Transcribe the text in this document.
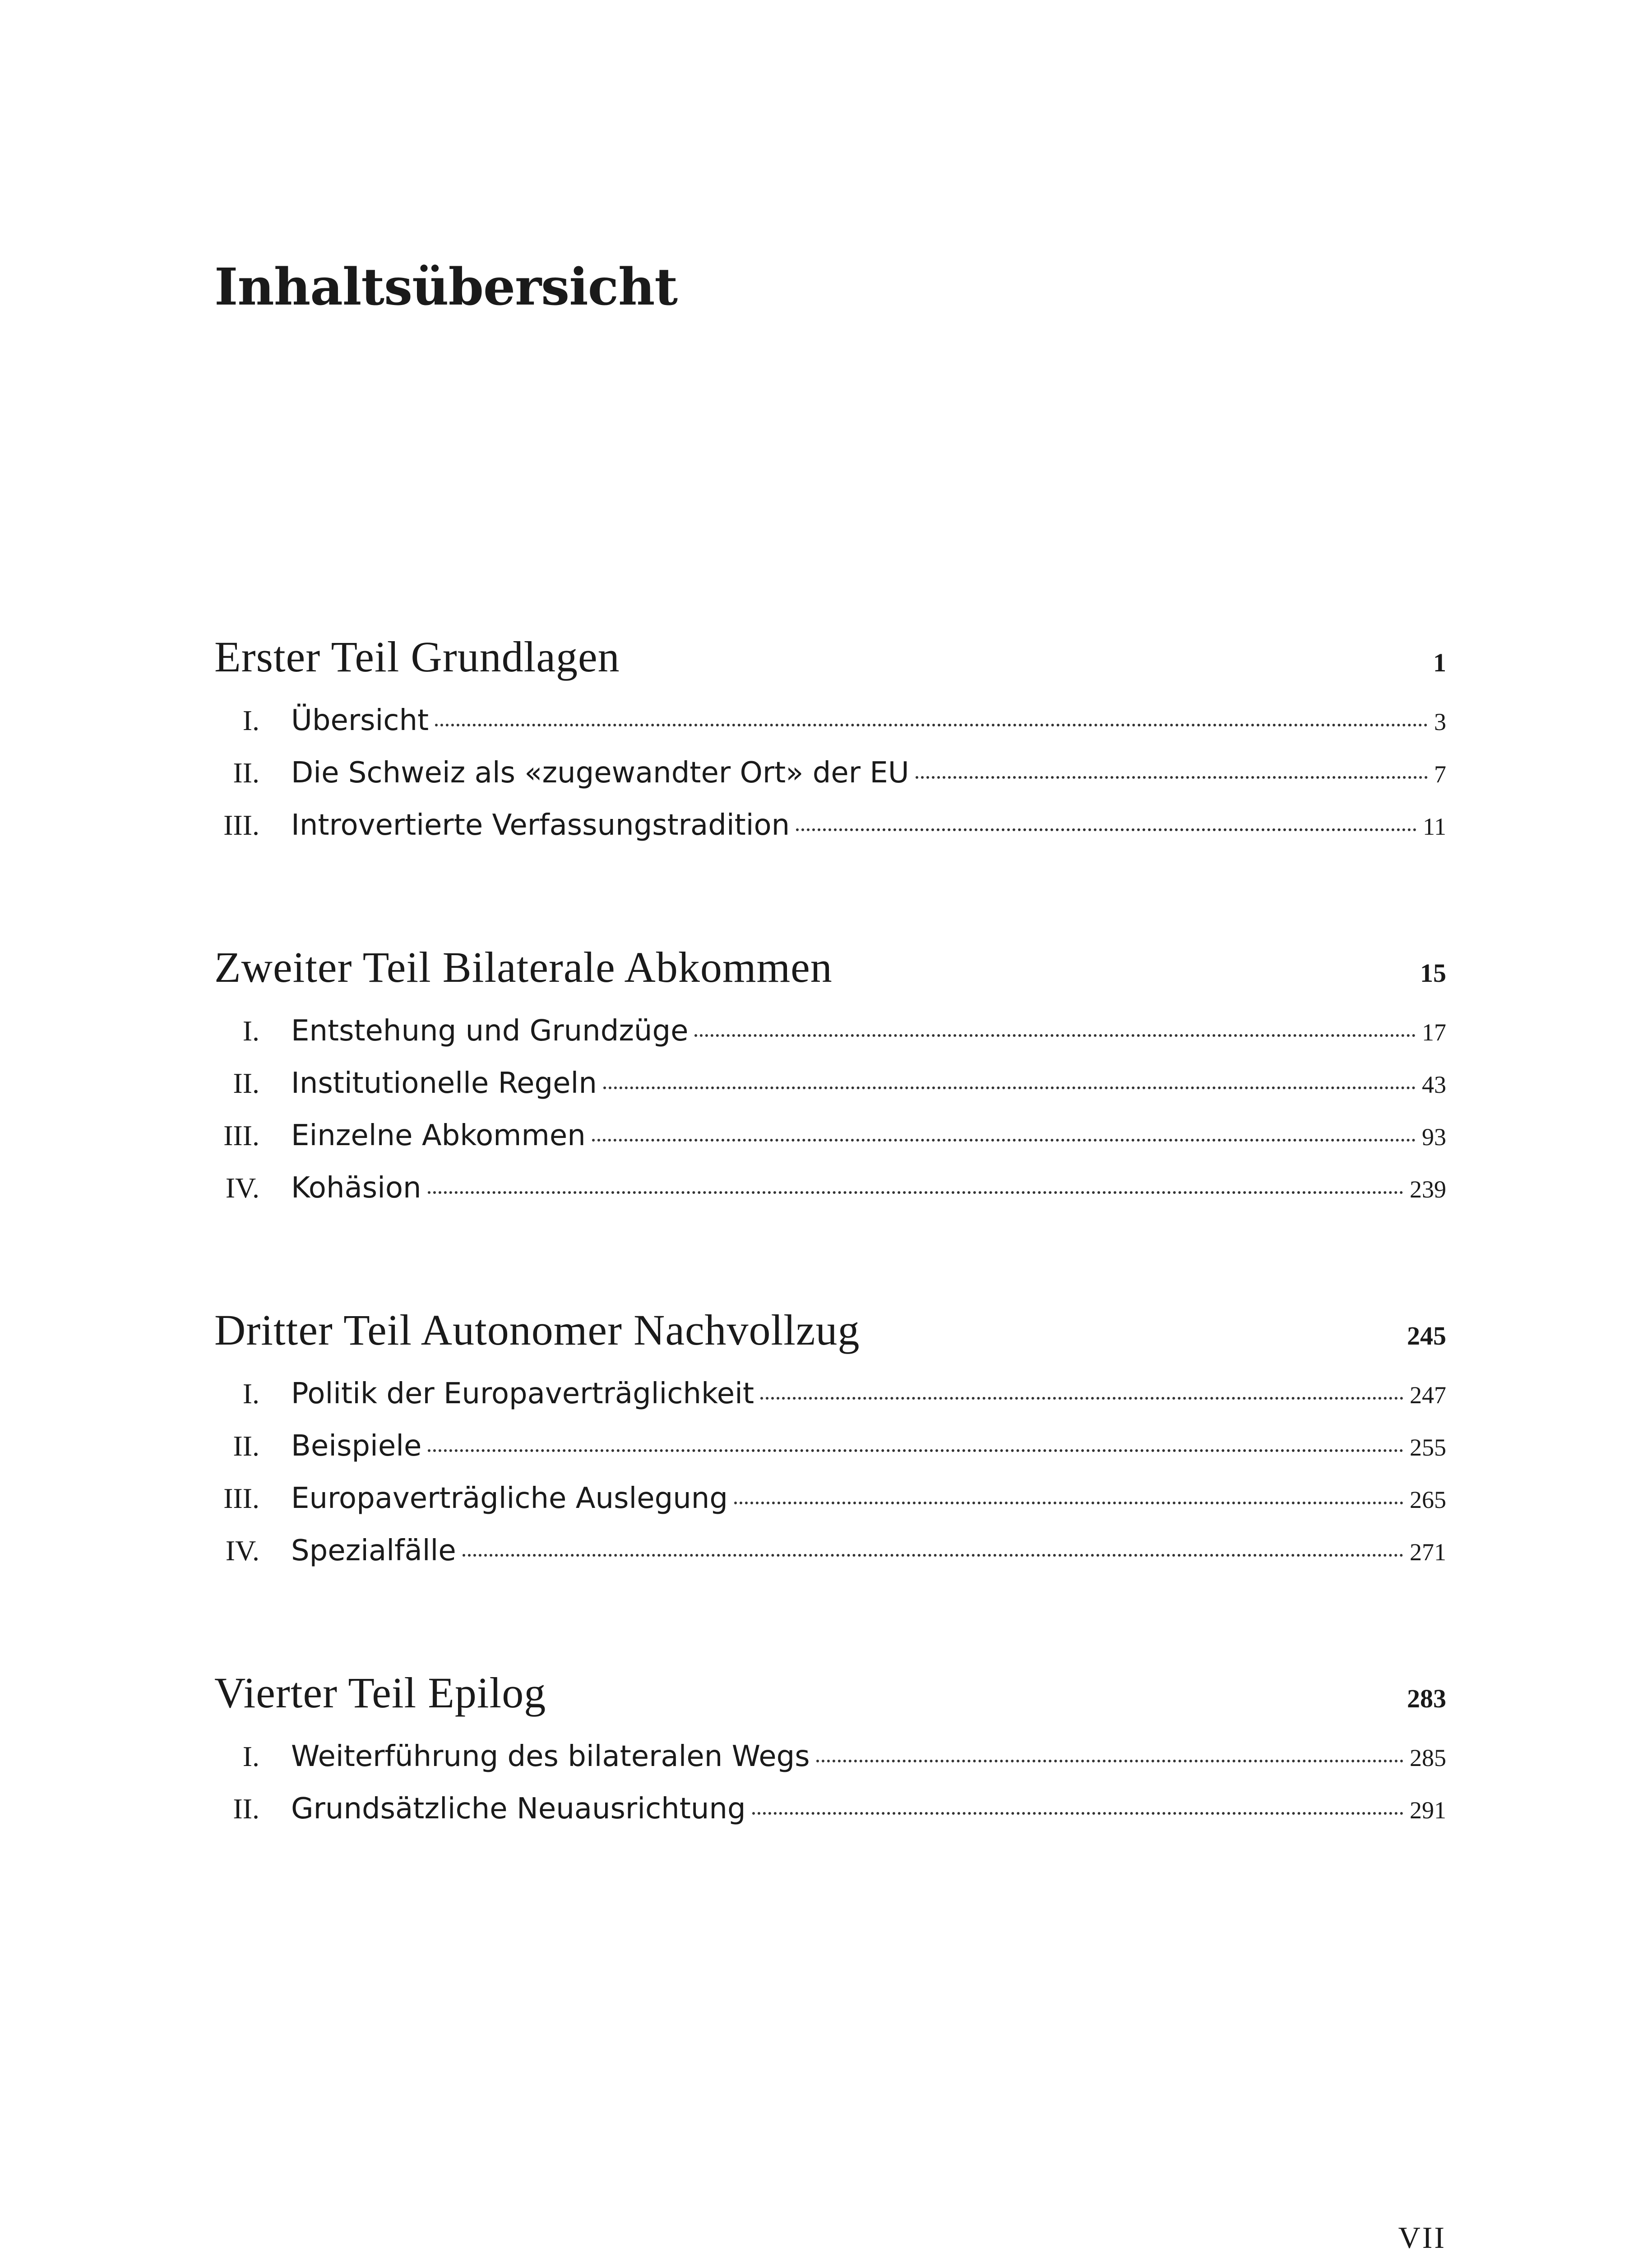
Inhaltsübersicht
Erster Teil Grundlagen	1
I. Übersicht	3
II. Die Schweiz als «zugewandter Ort» der EU	7
III. Introvertierte Verfassungstradition	11
Zweiter Teil Bilaterale Abkommen	15
I. Entstehung und Grundzüge	17
II. Institutionelle Regeln	43
III. Einzelne Abkommen	93
IV. Kohäsion	239
Dritter Teil Autonomer Nachvollzug	245
I. Politik der Europaverträglichkeit	247
II. Beispiele	255
III. Europaverträgliche Auslegung	265
IV. Spezialfälle	271
Vierter Teil Epilog	283
I. Weiterführung des bilateralen Wegs	285
II. Grundsätzliche Neuausrichtung	291
VII
